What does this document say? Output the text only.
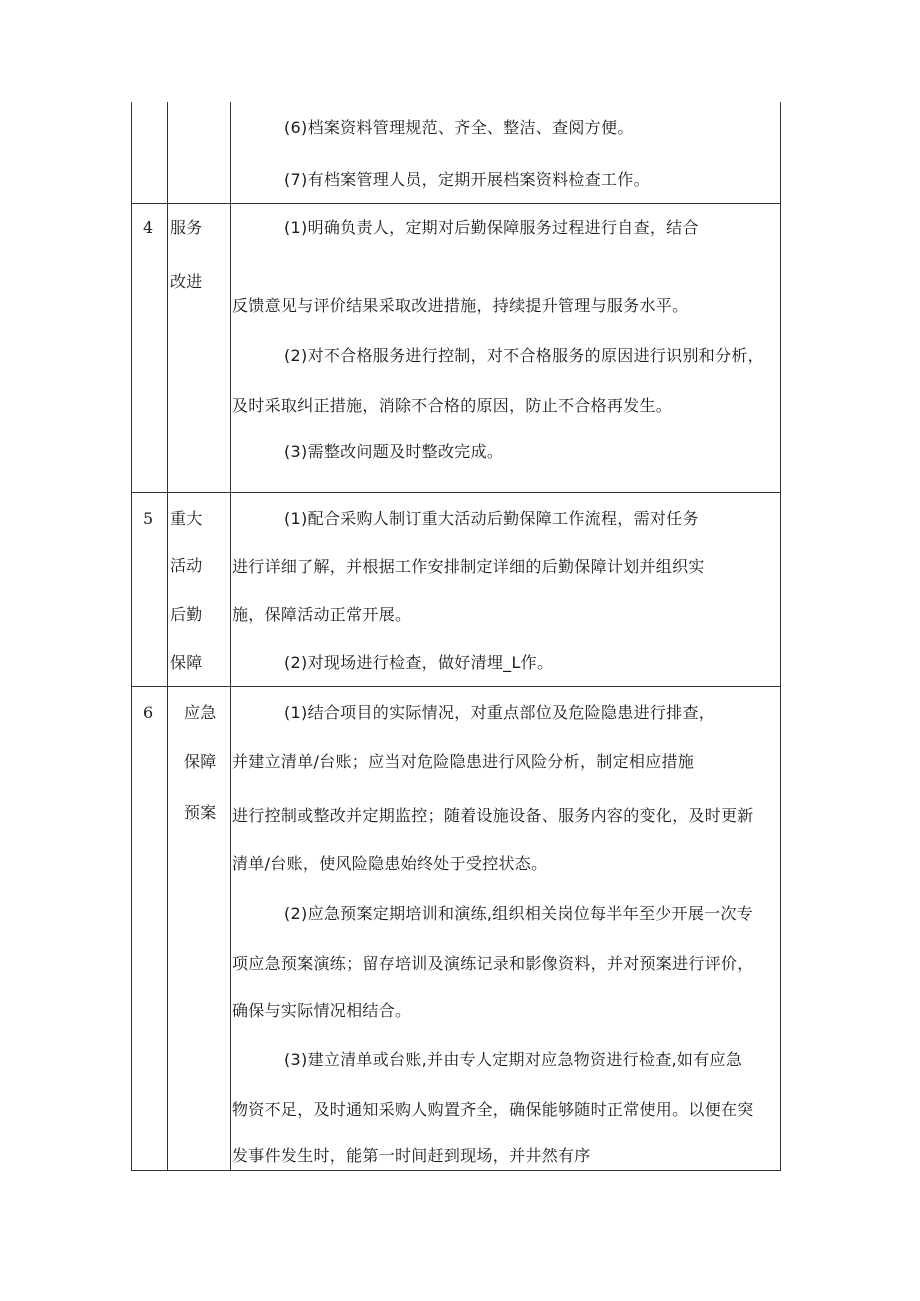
(6)档案资料管理规范、齐全、整洁、查阅方便。
(7)有档案管理人员，定期开展档案资料检查工作。
4 服务
改进
(1)明确负责人，定期对后勤保障服务过程进行自查，结合
反馈意见与评价结果采取改进措施，持续提升管理与服务水平。
(2)对不合格服务进行控制，对不合格服务的原因进行识别和分析，
及时采取纠正措施，消除不合格的原因，防止不合格再发生。
(3)需整改问题及时整改完成。
5 重大
活动
后勤
保障
(1)配合采购人制订重大活动后勤保障工作流程，需对任务
进行详细了解，并根据工作安排制定详细的后勤保障计划并组织实
施，保障活动正常开展。
(2)对现场进行检查，做好清埋_L作。
6 应急
保障
预案
(1)结合项目的实际情况，对重点部位及危险隐患进行排查，
并建立清单/台账；应当对危险隐患进行风险分析，制定相应措施
进行控制或整改并定期监控；随着设施设备、服务内容的变化，及时更新
清单/台账，使风险隐患始终处于受控状态。
(2)应急预案定期培训和演练,组织相关岗位每半年至少开展一次专
项应急预案演练；留存培训及演练记录和影像资料，并对预案进行评价，
确保与实际情况相结合。
(3)建立清单或台账,并由专人定期对应急物资进行检查,如有应急
物资不足，及时通知采购人购置齐全，确保能够随时正常使用。以便在突
发事件发生时，能第一时间赶到现场，并井然有序
